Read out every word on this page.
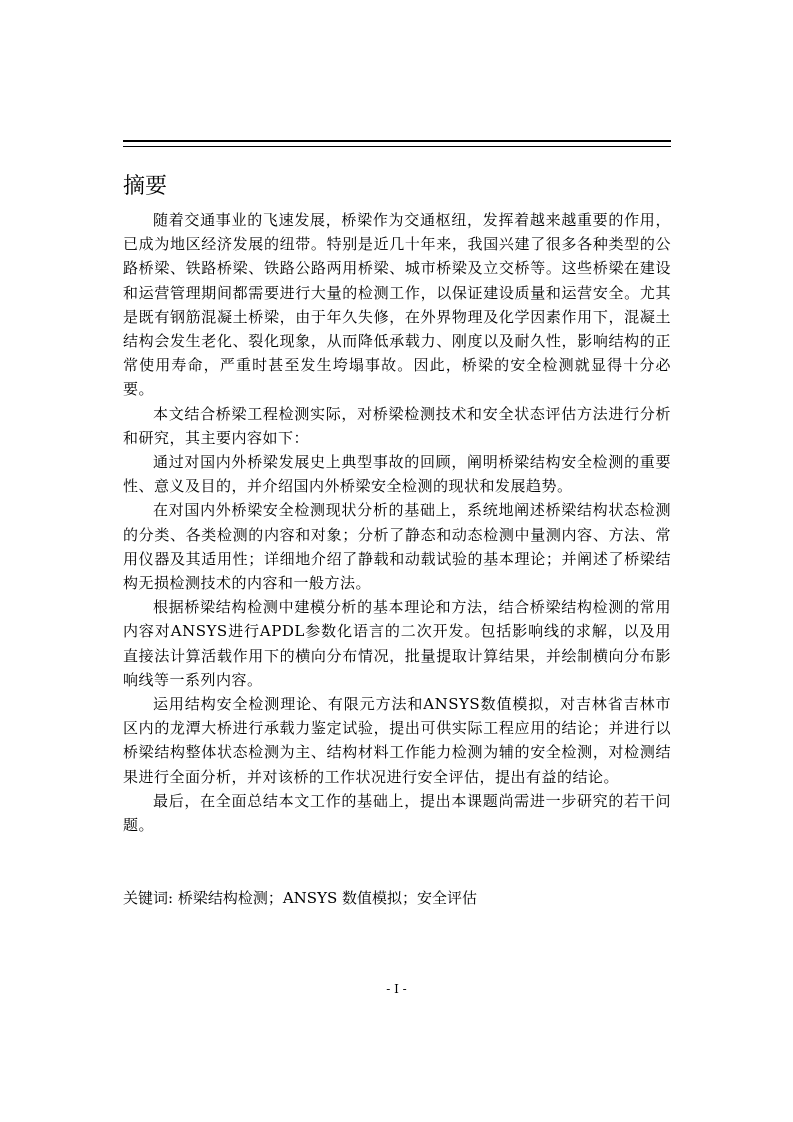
摘要

随着交通事业的飞速发展，桥梁作为交通枢纽，发挥着越来越重要的作用，已成为地区经济发展的纽带。特别是近几十年来，我国兴建了很多各种类型的公路桥梁、铁路桥梁、铁路公路两用桥梁、城市桥梁及立交桥等。这些桥梁在建设和运营管理期间都需要进行大量的检测工作，以保证建设质量和运营安全。尤其是既有钢筋混凝土桥梁，由于年久失修，在外界物理及化学因素作用下，混凝土结构会发生老化、裂化现象，从而降低承载力、刚度以及耐久性，影响结构的正常使用寿命，严重时甚至发生垮塌事故。因此，桥梁的安全检测就显得十分必要。

本文结合桥梁工程检测实际，对桥梁检测技术和安全状态评估方法进行分析和研究，其主要内容如下：

通过对国内外桥梁发展史上典型事故的回顾，阐明桥梁结构安全检测的重要性、意义及目的，并介绍国内外桥梁安全检测的现状和发展趋势。

在对国内外桥梁安全检测现状分析的基础上，系统地阐述桥梁结构状态检测的分类、各类检测的内容和对象；分析了静态和动态检测中量测内容、方法、常用仪器及其适用性；详细地介绍了静载和动载试验的基本理论；并阐述了桥梁结构无损检测技术的内容和一般方法。

根据桥梁结构检测中建模分析的基本理论和方法，结合桥梁结构检测的常用内容对ANSYS进行APDL参数化语言的二次开发。包括影响线的求解，以及用直接法计算活载作用下的横向分布情况，批量提取计算结果，并绘制横向分布影响线等一系列内容。

运用结构安全检测理论、有限元方法和ANSYS数值模拟，对吉林省吉林市区内的龙潭大桥进行承载力鉴定试验，提出可供实际工程应用的结论；并进行以桥梁结构整体状态检测为主、结构材料工作能力检测为辅的安全检测，对检测结果进行全面分析，并对该桥的工作状况进行安全评估，提出有益的结论。

最后，在全面总结本文工作的基础上，提出本课题尚需进一步研究的若干问题。

关键词: 桥梁结构检测；ANSYS 数值模拟；安全评估

- I -
